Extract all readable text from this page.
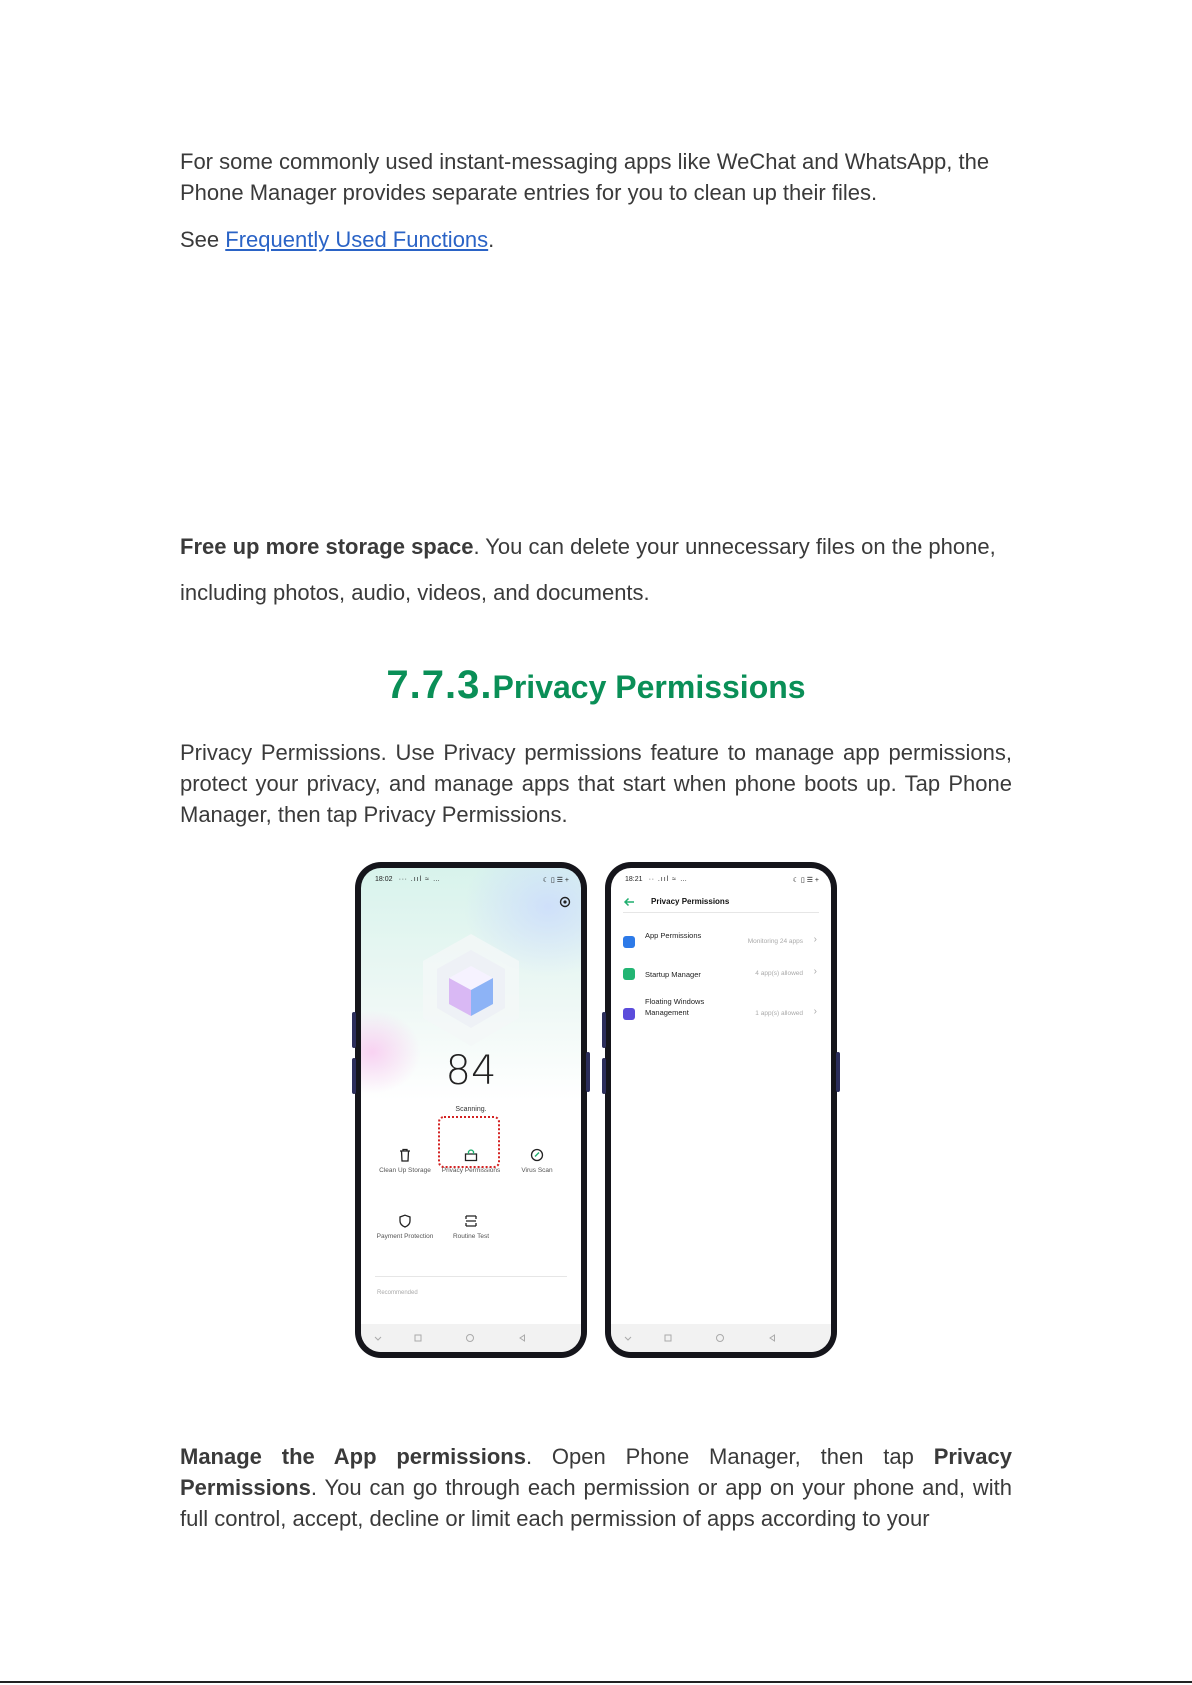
For some commonly used instant-messaging apps like WeChat and WhatsApp, the Phone Manager provides separate entries for you to clean up their files.
See Frequently Used Functions.
Free up more storage space. You can delete your unnecessary files on the phone,
including photos, audio, videos, and documents.
7.7.3.Privacy Permissions
Privacy Permissions. Use Privacy permissions feature to manage app permissions, protect your privacy, and manage apps that start when phone boots up. Tap Phone Manager, then tap Privacy Permissions.
18:02 ∙∙∙ .ııl ≈ …	☾ ▯ ☰ +
84
Scanning.
Clean Up Storage	Privacy Permissions	Virus Scan
Payment Protection	Routine Test
Recommended
18:21 ∙∙ .ııl ≈ …	☾ ▯ ☰ +
Privacy Permissions
App Permissions
Monitoring 24 apps ›
Startup Manager	4 app(s) allowed ›
Floating Windows Management	1 app(s) allowed ›
Manage the App permissions. Open Phone Manager, then tap Privacy Permissions. You can go through each permission or app on your phone and, with full control, accept, decline or limit each permission of apps according to your
